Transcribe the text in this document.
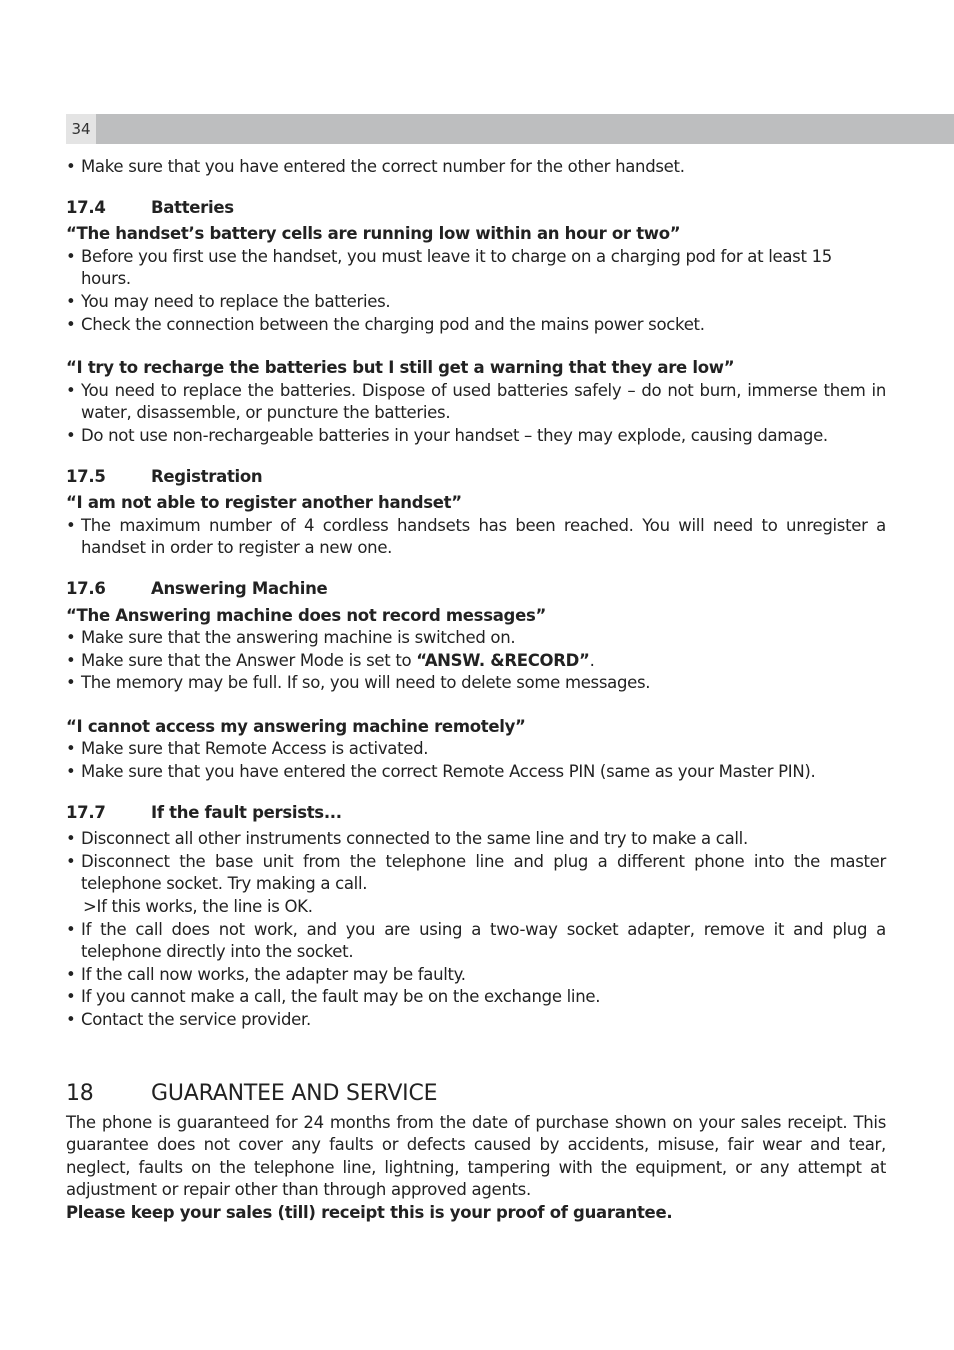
34

• Make sure that you have entered the correct number for the other handset.

17.4	Batteries

“The handset’s battery cells are running low within an hour or two”

• Before you first use the handset, you must leave it to charge on a charging pod for at least 15 hours.

• You may need to replace the batteries.

• Check the connection between the charging pod and the mains power socket.

“I try to recharge the batteries but I still get a warning that they are low”

• You need to replace the batteries. Dispose of used batteries safely – do not burn, immerse them in water, disassemble, or puncture the batteries.

• Do not use non-rechargeable batteries in your handset – they may explode, causing damage.

17.5	Registration

“I am not able to register another handset”

• The maximum number of 4 cordless handsets has been reached. You will need to unregister a handset in order to register a new one.

17.6	Answering Machine

“The Answering machine does not record messages”

• Make sure that the answering machine is switched on.

• Make sure that the Answer Mode is set to “ANSW. &RECORD”.

• The memory may be full. If so, you will need to delete some messages.

“I cannot access my answering machine remotely”

• Make sure that Remote Access is activated.

• Make sure that you have entered the correct Remote Access PIN (same as your Master PIN).

17.7	If the fault persists...

• Disconnect all other instruments connected to the same line and try to make a call.

• Disconnect the base unit from the telephone line and plug a different phone into the master telephone socket. Try making a call.

>If this works, the line is OK.

• If the call does not work, and you are using a two-way socket adapter, remove it and plug a telephone directly into the socket.

• If the call now works, the adapter may be faulty.

• If you cannot make a call, the fault may be on the exchange line.

• Contact the service provider.

18	GUARANTEE AND SERVICE

The phone is guaranteed for 24 months from the date of purchase shown on your sales receipt. This guarantee does not cover any faults or defects caused by accidents, misuse, fair wear and tear, neglect, faults on the telephone line, lightning, tampering with the equipment, or any attempt at adjustment or repair other than through approved agents.

Please keep your sales (till) receipt this is your proof of guarantee.
